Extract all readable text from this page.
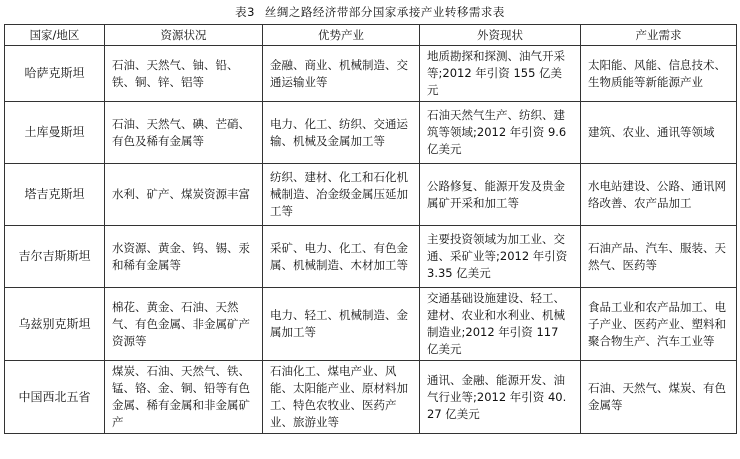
表3 丝绸之路经济带部分国家承接产业转移需求表
国家/地区	资源状况	优势产业	外资现状	产业需求
哈萨克斯坦	石油、天然气、铀、铅、铁、铜、锌、铝等	金融、商业、机械制造、交通运输业等	地质勘探和探测、油气开采等;2012 年引资 155 亿美元	太阳能、风能、信息技术、生物质能等新能源产业
土库曼斯坦	石油、天然气、碘、芒硝、有色及稀有金属等	电力、化工、纺织、交通运输、机械及金属加工等	石油天然气生产、纺织、建筑等领域;2012 年引资 9.6 亿美元	建筑、农业、通讯等领域
塔吉克斯坦	水利、矿产、煤炭资源丰富	纺织、建材、化工和石化机械制造、冶金级金属压延加工等	公路修复、能源开发及贵金属矿开采和加工等	水电站建设、公路、通讯网络改善、农产品加工
吉尔吉斯斯坦	水资源、黄金、钨、锡、汞和稀有金属等	采矿、电力、化工、有色金属、机械制造、木材加工等	主要投资领域为加工业、交通、采矿业等;2012 年引资 3.35 亿美元	石油产品、汽车、服装、天然气、医药等
乌兹别克斯坦	棉花、黄金、石油、天然气、有色金属、非金属矿产资源等	电力、轻工、机械制造、金属加工等	交通基础设施建设、轻工、建材、农业和水利业、机械制造业;2012 年引资 117 亿美元	食品工业和农产品加工、电子产业、医药产业、塑料和聚合物生产、汽车工业等
中国西北五省	煤炭、石油、天然气、铁、锰、铬、金、铜、铅等有色金属、稀有金属和非金属矿产	石油化工、煤电产业、风能、太阳能产业、原材料加工、特色农牧业、医药产业、旅游业等	通讯、金融、能源开发、油气行业等;2012 年引资 40.27 亿美元	石油、天然气、煤炭、有色金属等
